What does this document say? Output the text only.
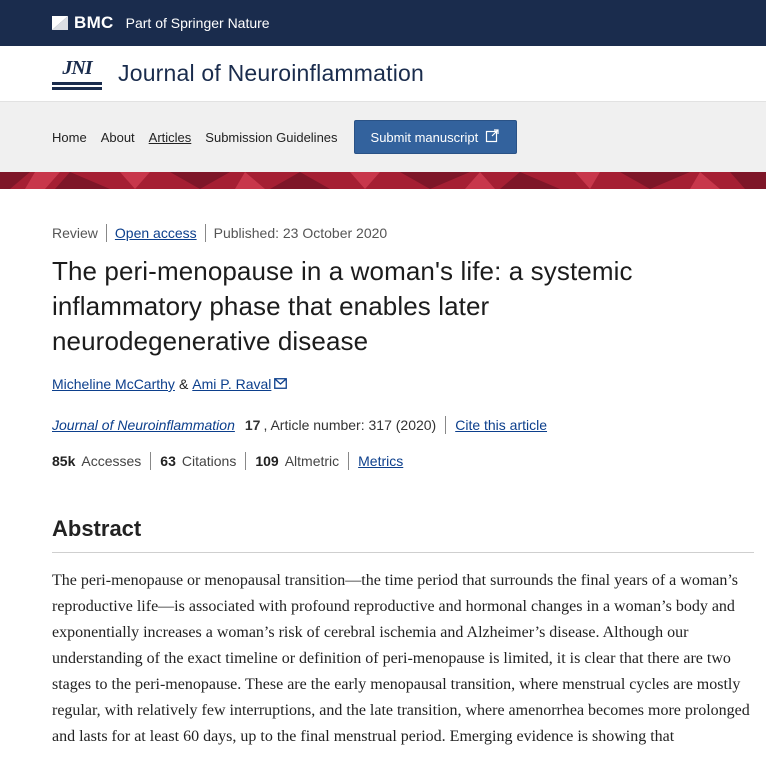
BMC Part of Springer Nature
JNI Journal of Neuroinflammation
Home About Articles Submission Guidelines	Submit manuscript
Review Open access Published: 23 October 2020
The peri-menopause in a woman's life: a systemic inflammatory phase that enables later neurodegenerative disease
Micheline McCarthy & Ami P. Raval
Journal of Neuroinflammation 17 , Article number: 317 (2020) Cite this article
85k Accesses 63 Citations 109 Altmetric Metrics
Abstract

The peri-menopause or menopausal transition—the time period that surrounds the final years of a woman’s reproductive life—is associated with profound reproductive and hormonal changes in a woman’s body and exponentially increases a woman’s risk of cerebral ischemia and Alzheimer’s disease. Although our understanding of the exact timeline or definition of peri-menopause is limited, it is clear that there are two stages to the peri-menopause. These are the early menopausal transition, where menstrual cycles are mostly regular, with relatively few interruptions, and the late transition, where amenorrhea becomes more prolonged and lasts for at least 60 days, up to the final menstrual period. Emerging evidence is showing that
